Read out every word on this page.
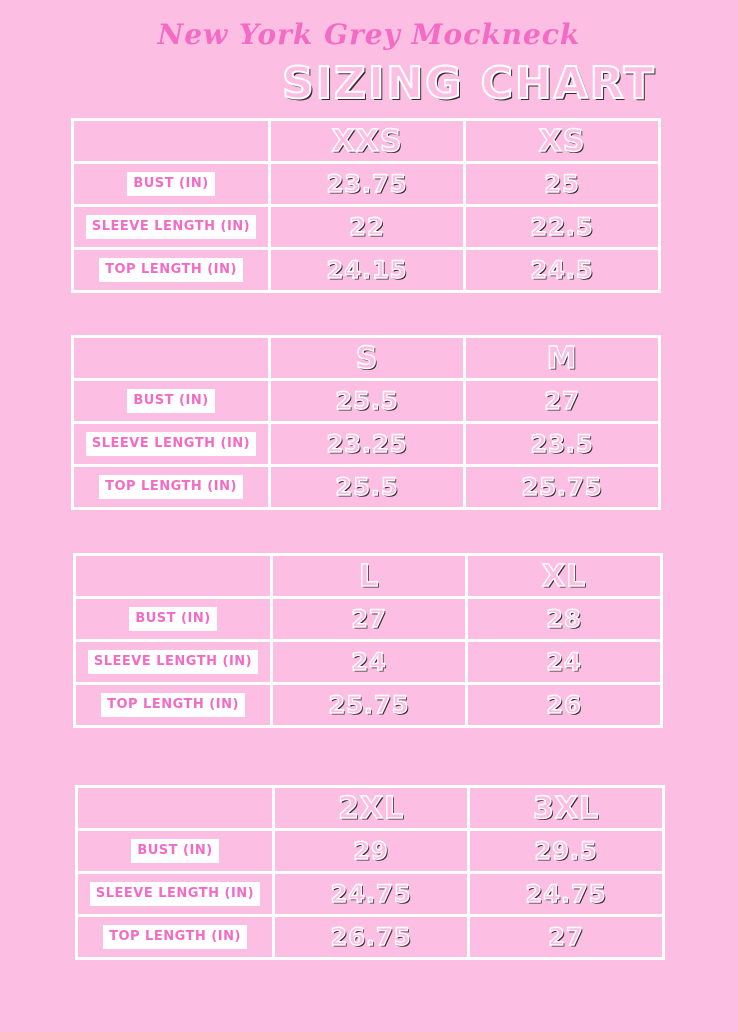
New York Grey Mockneck
SIZING CHART
	XXS	XS
BUST (IN)	23.75	25
SLEEVE LENGTH (IN)	22	22.5
TOP LENGTH (IN)	24.15	24.5
	S	M
BUST (IN)	25.5	27
SLEEVE LENGTH (IN)	23.25	23.5
TOP LENGTH (IN)	25.5	25.75
	L	XL
BUST (IN)	27	28
SLEEVE LENGTH (IN)	24	24
TOP LENGTH (IN)	25.75	26
	2XL	3XL
BUST (IN)	29	29.5
SLEEVE LENGTH (IN)	24.75	24.75
TOP LENGTH (IN)	26.75	27
